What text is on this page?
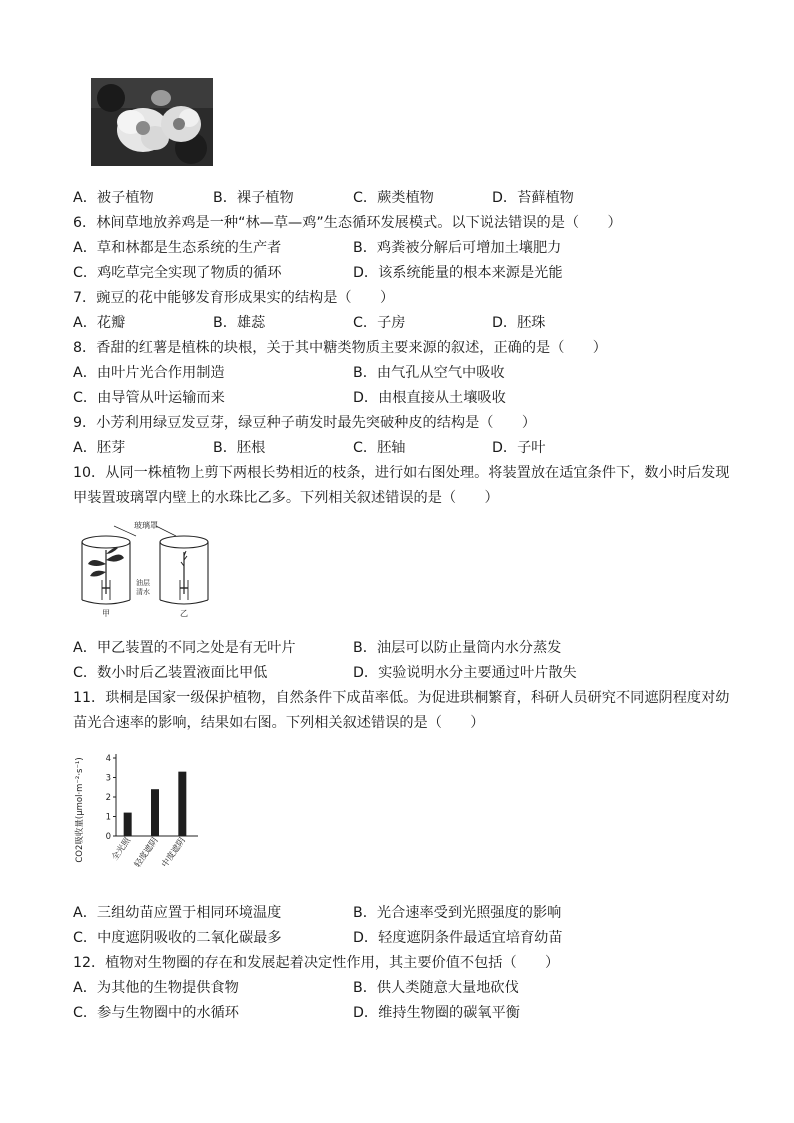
A．被子植物	B．裸子植物	C．蕨类植物	D．苔藓植物
6．林间草地放养鸡是一种“林—草—鸡”生态循环发展模式。以下说法错误的是（　　）
A．草和林都是生态系统的生产者	B．鸡粪被分解后可增加土壤肥力
C．鸡吃草完全实现了物质的循环	D．该系统能量的根本来源是光能
7．豌豆的花中能够发育形成果实的结构是（　　）
A．花瓣	B．雄蕊	C．子房	D．胚珠
8．香甜的红薯是植株的块根，关于其中糖类物质主要来源的叙述，正确的是（　　）
A．由叶片光合作用制造	B．由气孔从空气中吸收
C．由导管从叶运输而来	D．由根直接从土壤吸收
9．小芳利用绿豆发豆芽，绿豆种子萌发时最先突破种皮的结构是（　　）
A．胚芽	B．胚根	C．胚轴	D．子叶
10．从同一株植物上剪下两根长势相近的枝条，进行如右图处理。将装置放在适宜条件下，数小时后发现
甲装置玻璃罩内壁上的水珠比乙多。下列相关叙述错误的是（　　）
玻璃罩
油层
清水
甲	乙
A．甲乙装置的不同之处是有无叶片	B．油层可以防止量筒内水分蒸发
C．数小时后乙装置液面比甲低	D．实验说明水分主要通过叶片散失
11．珙桐是国家一级保护植物，自然条件下成苗率低。为促进珙桐繁育，科研人员研究不同遮阴程度对幼
苗光合速率的影响，结果如右图。下列相关叙述错误的是（　　）
CO2吸收量(μmol·m⁻²·s⁻¹) 0
1
2
3
4
全光照 轻度遮阴 中度遮阴
A．三组幼苗应置于相同环境温度	B．光合速率受到光照强度的影响
C．中度遮阴吸收的二氧化碳最多	D．轻度遮阴条件最适宜培育幼苗
12．植物对生物圈的存在和发展起着决定性作用，其主要价值不包括（　　）
A．为其他的生物提供食物	B．供人类随意大量地砍伐
C．参与生物圈中的水循环	D．维持生物圈的碳氧平衡
